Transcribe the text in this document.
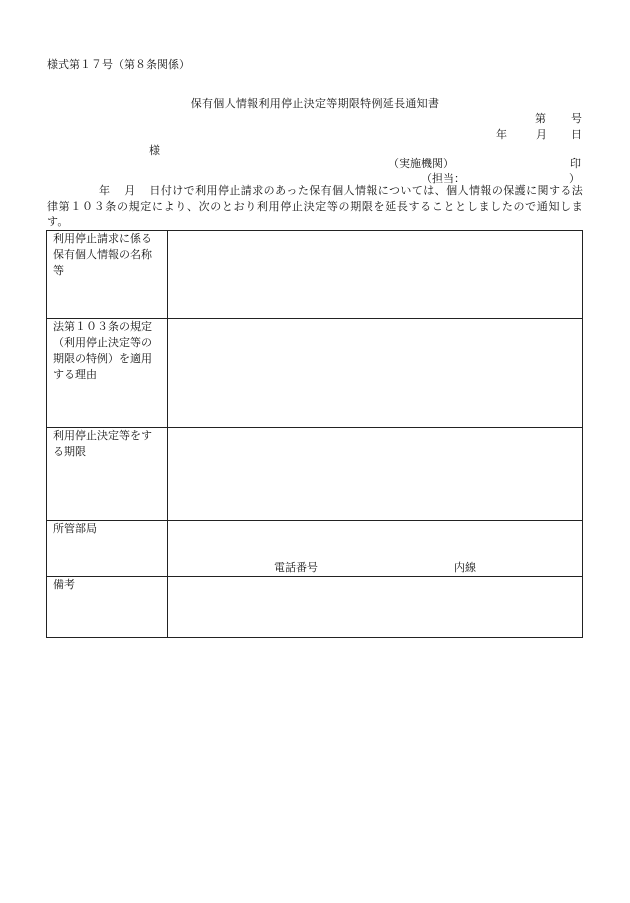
様式第１７号（第８条関係）
保有個人情報利用停止決定等期限特例延長通知書
第 号
年	月 日
様
（実施機関）	印
（担当：	）
年 月 日付けで利用停止請求のあった保有個人情報については、個人情報の保護に関する法律第１０３条の規定により、次のとおり利用停止決定等の期限を延長することとしましたので通知します。
利用停止請求に係る保有個人情報の名称等	
法第１０３条の規定（利用停止決定等の期限の特例）を適用する理由	
利用停止決定等をする期限	
所管部局	電話番号 内線

備考	
